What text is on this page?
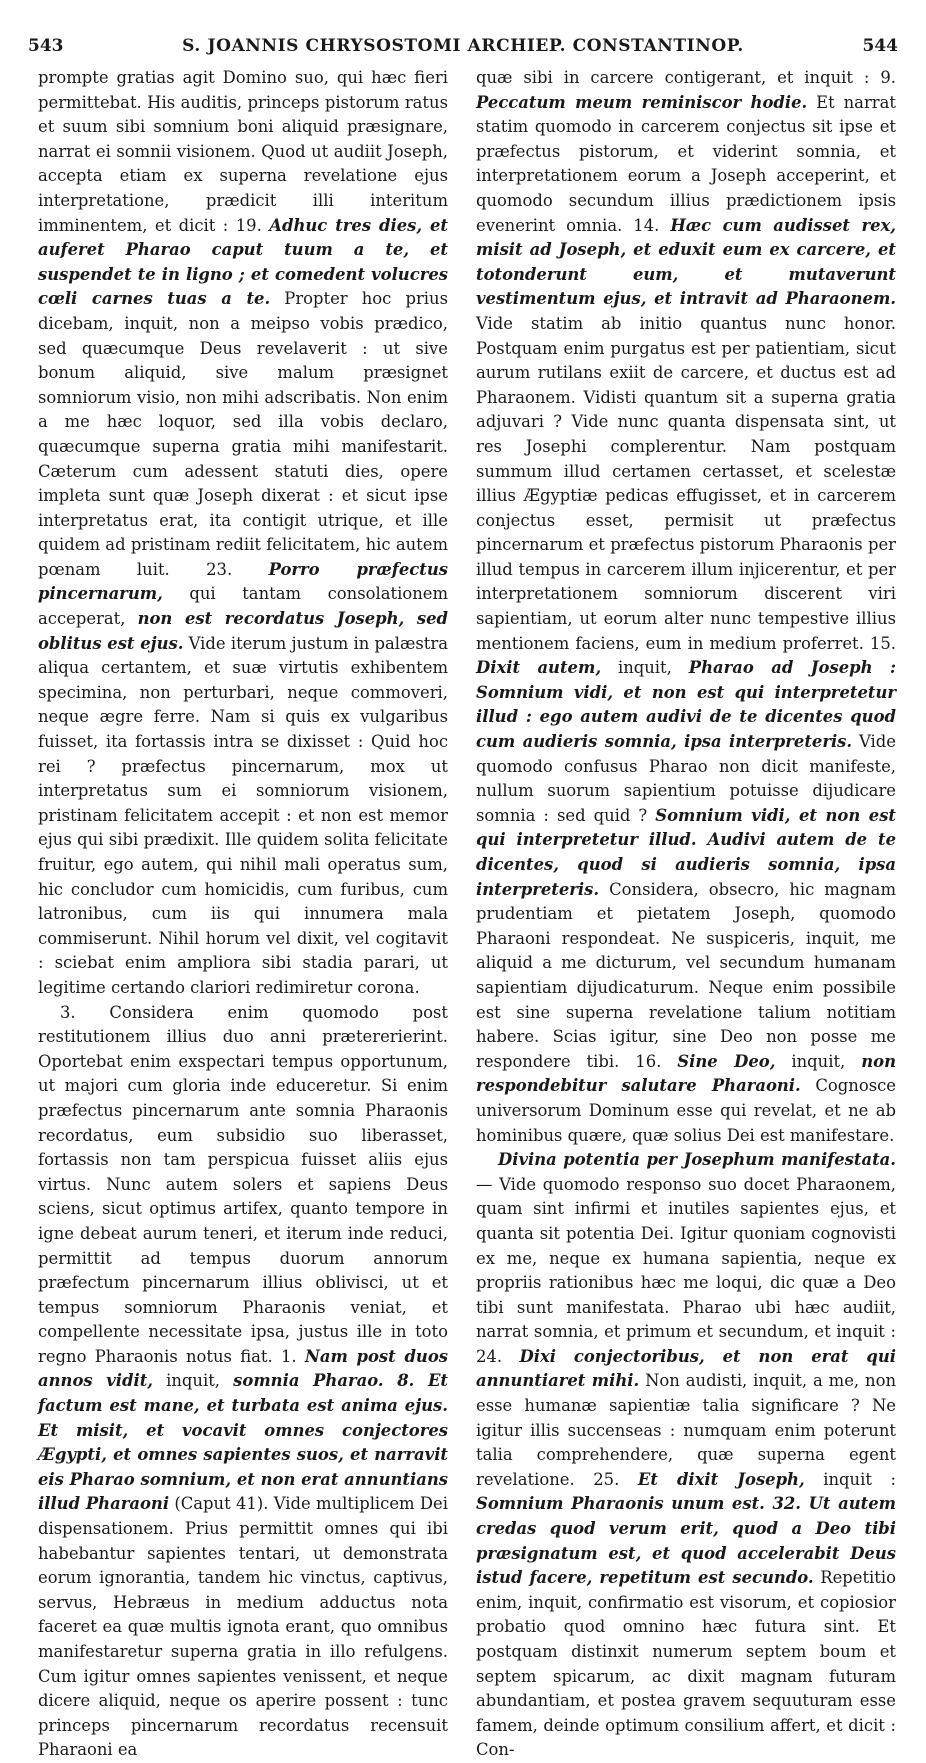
543	S. JOANNIS CHRYSOSTOMI ARCHIEP. CONSTANTINOP.	544

prompte gratias agit Domino suo, qui hæc fieri permittebat. His auditis, princeps pistorum ratus et suum sibi somnium boni aliquid præsignare, narrat ei somnii visionem. Quod ut audiit Joseph, accepta etiam ex superna revelatione ejus interpretatione, prædicit illi interitum imminentem, et dicit : 19. Adhuc tres dies, et auferet Pharao caput tuum a te, et suspendet te in ligno ; et comedent volucres cœli carnes tuas a te. Propter hoc prius dicebam, inquit, non a meipso vobis prædico, sed quæcumque Deus revelaverit : ut sive bonum aliquid, sive malum præsignet somniorum visio, non mihi adscribatis. Non enim a me hæc loquor, sed illa vobis declaro, quæcumque superna gratia mihi manifestarit. Cæterum cum adessent statuti dies, opere impleta sunt quæ Joseph dixerat : et sicut ipse interpretatus erat, ita contigit utrique, et ille quidem ad pristinam rediit felicitatem, hic autem pœnam luit. 23. Porro præfectus pincernarum, qui tantam consolationem acceperat, non est recordatus Joseph, sed oblitus est ejus. Vide iterum justum in palæstra aliqua certantem, et suæ virtutis exhibentem specimina, non perturbari, neque commoveri, neque ægre ferre. Nam si quis ex vulgaribus fuisset, ita fortassis intra se dixisset : Quid hoc rei ? præfectus pincernarum, mox ut interpretatus sum ei somniorum visionem, pristinam felicitatem accepit : et non est memor ejus qui sibi prædixit. Ille quidem solita felicitate fruitur, ego autem, qui nihil mali operatus sum, hic concludor cum homicidis, cum furibus, cum latronibus, cum iis qui innumera mala commiserunt. Nihil horum vel dixit, vel cogitavit : sciebat enim ampliora sibi stadia parari, ut legitime certando clariori redimiretur corona.

3. Considera enim quomodo post restitutionem illius duo anni prætererierint. Oportebat enim exspectari tempus opportunum, ut majori cum gloria inde educeretur. Si enim præfectus pincernarum ante somnia Pharaonis recordatus, eum subsidio suo liberasset, fortassis non tam perspicua fuisset aliis ejus virtus. Nunc autem solers et sapiens Deus sciens, sicut optimus artifex, quanto tempore in igne debeat aurum teneri, et iterum inde reduci, permittit ad tempus duorum annorum præfectum pincernarum illius oblivisci, ut et tempus somniorum Pharaonis veniat, et compellente necessitate ipsa, justus ille in toto regno Pharaonis notus fiat. 1. Nam post duos annos vidit, inquit, somnia Pharao. 8. Et factum est mane, et turbata est anima ejus. Et misit, et vocavit omnes conjectores Ægypti, et omnes sapientes suos, et narravit eis Pharao somnium, et non erat annuntians illud Pharaoni (Caput 41). Vide multiplicem Dei dispensationem. Prius permittit omnes qui ibi habebantur sapientes tentari, ut demonstrata eorum ignorantia, tandem hic vinctus, captivus, servus, Hebræus in medium adductus nota faceret ea quæ multis ignota erant, quo omnibus manifestaretur superna gratia in illo refulgens. Cum igitur omnes sapientes venissent, et neque dicere aliquid, neque os aperire possent : tunc princeps pincernarum recordatus recensuit Pharaoni ea

quæ sibi in carcere contigerant, et inquit : 9. Peccatum meum reminiscor hodie. Et narrat statim quomodo in carcerem conjectus sit ipse et præfectus pistorum, et viderint somnia, et interpretationem eorum a Joseph acceperint, et quomodo secundum illius prædictionem ipsis evenerint omnia. 14. Hæc cum audisset rex, misit ad Joseph, et eduxit eum ex carcere, et totonderunt eum, et mutaverunt vestimentum ejus, et intravit ad Pharaonem. Vide statim ab initio quantus nunc honor. Postquam enim purgatus est per patientiam, sicut aurum rutilans exiit de carcere, et ductus est ad Pharaonem. Vidisti quantum sit a superna gratia adjuvari ? Vide nunc quanta dispensata sint, ut res Josephi complerentur. Nam postquam summum illud certamen certasset, et scelestæ illius Ægyptiæ pedicas effugisset, et in carcerem conjectus esset, permisit ut præfectus pincernarum et præfectus pistorum Pharaonis per illud tempus in carcerem illum injicerentur, et per interpretationem somniorum discerent viri sapientiam, ut eorum alter nunc tempestive illius mentionem faciens, eum in medium proferret. 15. Dixit autem, inquit, Pharao ad Joseph : Somnium vidi, et non est qui interpretetur illud : ego autem audivi de te dicentes quod cum audieris somnia, ipsa interpreteris. Vide quomodo confusus Pharao non dicit manifeste, nullum suorum sapientium potuisse dijudicare somnia : sed quid ? Somnium vidi, et non est qui interpretetur illud. Audivi autem de te dicentes, quod si audieris somnia, ipsa interpreteris. Considera, obsecro, hic magnam prudentiam et pietatem Joseph, quomodo Pharaoni respondeat. Ne suspiceris, inquit, me aliquid a me dicturum, vel secundum humanam sapientiam dijudicaturum. Neque enim possibile est sine superna revelatione talium notitiam habere. Scias igitur, sine Deo non posse me respondere tibi. 16. Sine Deo, inquit, non respondebitur salutare Pharaoni. Cognosce universorum Dominum esse qui revelat, et ne ab hominibus quære, quæ solius Dei est manifestare.

Divina potentia per Josephum manifestata. — Vide quomodo responso suo docet Pharaonem, quam sint infirmi et inutiles sapientes ejus, et quanta sit potentia Dei. Igitur quoniam cognovisti ex me, neque ex humana sapientia, neque ex propriis rationibus hæc me loqui, dic quæ a Deo tibi sunt manifestata. Pharao ubi hæc audiit, narrat somnia, et primum et secundum, et inquit : 24. Dixi conjectoribus, et non erat qui annuntiaret mihi. Non audisti, inquit, a me, non esse humanæ sapientiæ talia significare ? Ne igitur illis succenseas : numquam enim poterunt talia comprehendere, quæ superna egent revelatione. 25. Et dixit Joseph, inquit : Somnium Pharaonis unum est. 32. Ut autem credas quod verum erit, quod a Deo tibi præsignatum est, et quod accelerabit Deus istud facere, repetitum est secundo. Repetitio enim, inquit, confirmatio est visorum, et copiosior probatio quod omnino hæc futura sint. Et postquam distinxit numerum septem boum et septem spicarum, ac dixit magnam futuram abundantiam, et postea gravem sequuturam esse famem, deinde optimum consilium affert, et dicit : Con-
